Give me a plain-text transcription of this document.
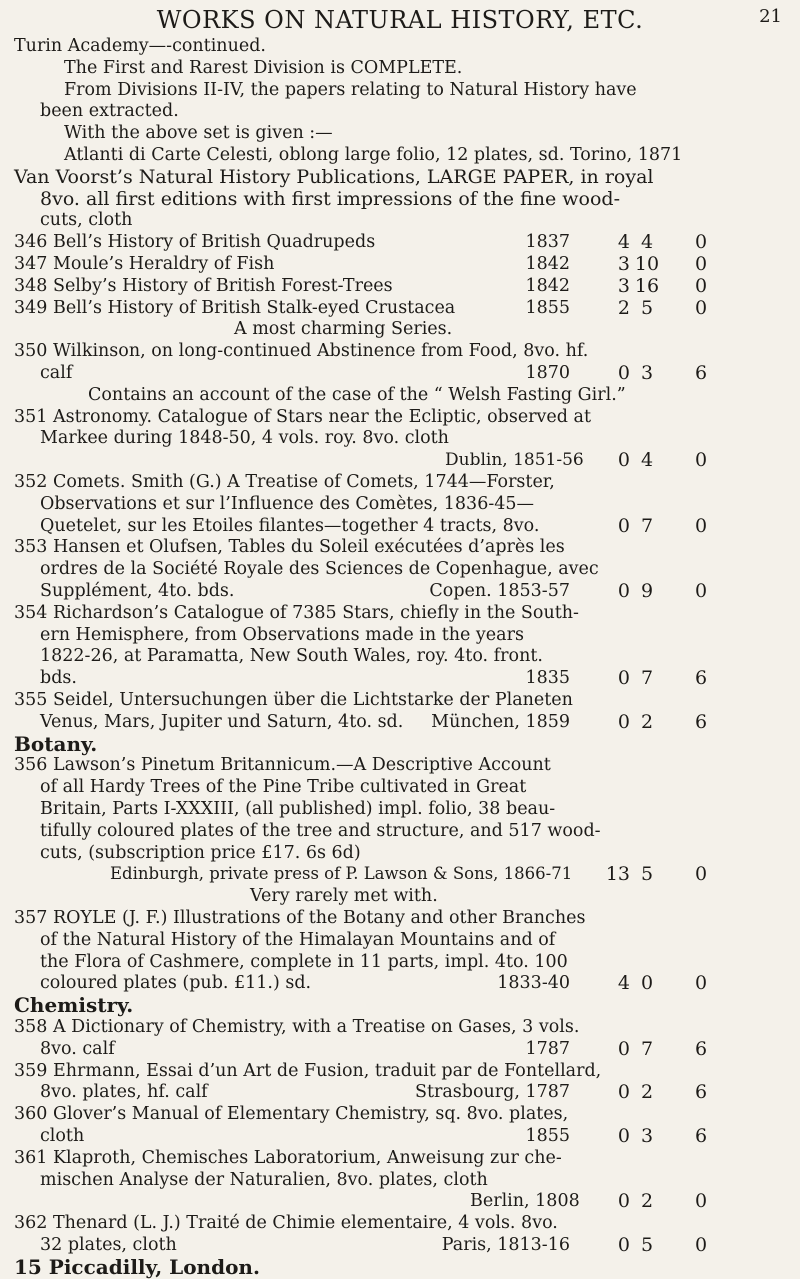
WORKS ON NATURAL HISTORY, ETC.	21
Turin Academy—-continued.
The First and Rarest Division is COMPLETE.
From Divisions II-IV, the papers relating to Natural History have
been extracted.
With the above set is given :—
Atlanti di Carte Celesti, oblong large folio, 12 plates, sd. Torino, 1871
Van Voorst’s Natural History Publications, LARGE PAPER, in royal
8vo. all first editions with first impressions of the fine wood-
cuts, cloth
346 Bell’s History of British Quadrupeds	1837	4 4	0
347 Moule’s Heraldry of Fish	1842	3 10	0
348 Selby’s History of British Forest-Trees	1842	3 16	0
349 Bell’s History of British Stalk-eyed Crustacea	1855	2 5	0
A most charming Series.
350 Wilkinson, on long-continued Abstinence from Food, 8vo. hf.
calf	1870	0 3	6
Contains an account of the case of the “ Welsh Fasting Girl.”
351 Astronomy. Catalogue of Stars near the Ecliptic, observed at
Markee during 1848-50, 4 vols. roy. 8vo. cloth
Dublin, 1851-56	0 4	0
352 Comets. Smith (G.) A Treatise of Comets, 1744—Forster,
Observations et sur l’Influence des Comètes, 1836-45—
Quetelet, sur les Etoiles filantes—together 4 tracts, 8vo.	0 7	0
353 Hansen et Olufsen, Tables du Soleil exécutées d’après les
ordres de la Société Royale des Sciences de Copenhague, avec
Supplément, 4to. bds.	Copen. 1853-57	0 9	0
354 Richardson’s Catalogue of 7385 Stars, chiefly in the South-
ern Hemisphere, from Observations made in the years
1822-26, at Paramatta, New South Wales, roy. 4to. front.
bds.	1835	0 7	6
355 Seidel, Untersuchungen über die Lichtstarke der Planeten
Venus, Mars, Jupiter und Saturn, 4to. sd. München, 1859	0 2	6
Botany.
356 Lawson’s Pinetum Britannicum.—A Descriptive Account
of all Hardy Trees of the Pine Tribe cultivated in Great
Britain, Parts I-XXXIII, (all published) impl. folio, 38 beau-
tifully coloured plates of the tree and structure, and 517 wood-
cuts, (subscription price £17. 6s 6d)
Edinburgh, private press of P. Lawson & Sons, 1866-71	13 5	0
Very rarely met with.
357 ROYLE (J. F.) Illustrations of the Botany and other Branches
of the Natural History of the Himalayan Mountains and of
the Flora of Cashmere, complete in 11 parts, impl. 4to. 100
coloured plates (pub. £11.) sd.	1833-40	4 0	0
Chemistry.
358 A Dictionary of Chemistry, with a Treatise on Gases, 3 vols.
8vo. calf	1787	0 7	6
359 Ehrmann, Essai d’un Art de Fusion, traduit par de Fontellard,
8vo. plates, hf. calf	Strasbourg, 1787	0 2	6
360 Glover’s Manual of Elementary Chemistry, sq. 8vo. plates,
cloth	1855	0 3	6
361 Klaproth, Chemisches Laboratorium, Anweisung zur che-
mischen Analyse der Naturalien, 8vo. plates, cloth
Berlin, 1808	0 2	0
362 Thenard (L. J.) Traité de Chimie elementaire, 4 vols. 8vo.
32 plates, cloth	Paris, 1813-16	0 5	0
15 Piccadilly, London.
